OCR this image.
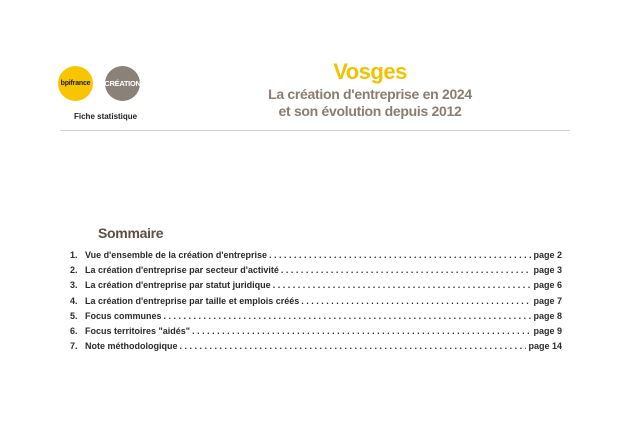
bpifrance	CRÉATION
Fiche statistique

Vosges

La création d'entreprise en 2024

et son évolution depuis 2012

Sommaire
1. Vue d'ensemble de la création d'entreprise . . .	page 2
2. La création d'entreprise par secteur d'activité . . .	page 3
3. La création d'entreprise par statut juridique . . .	page 6
4. La création d'entreprise par taille et emplois créés . . .	page 7
5. Focus communes . . .	page 8
6. Focus territoires "aidés" . . .	page 9
7. Note méthodologique . . .	page 14
